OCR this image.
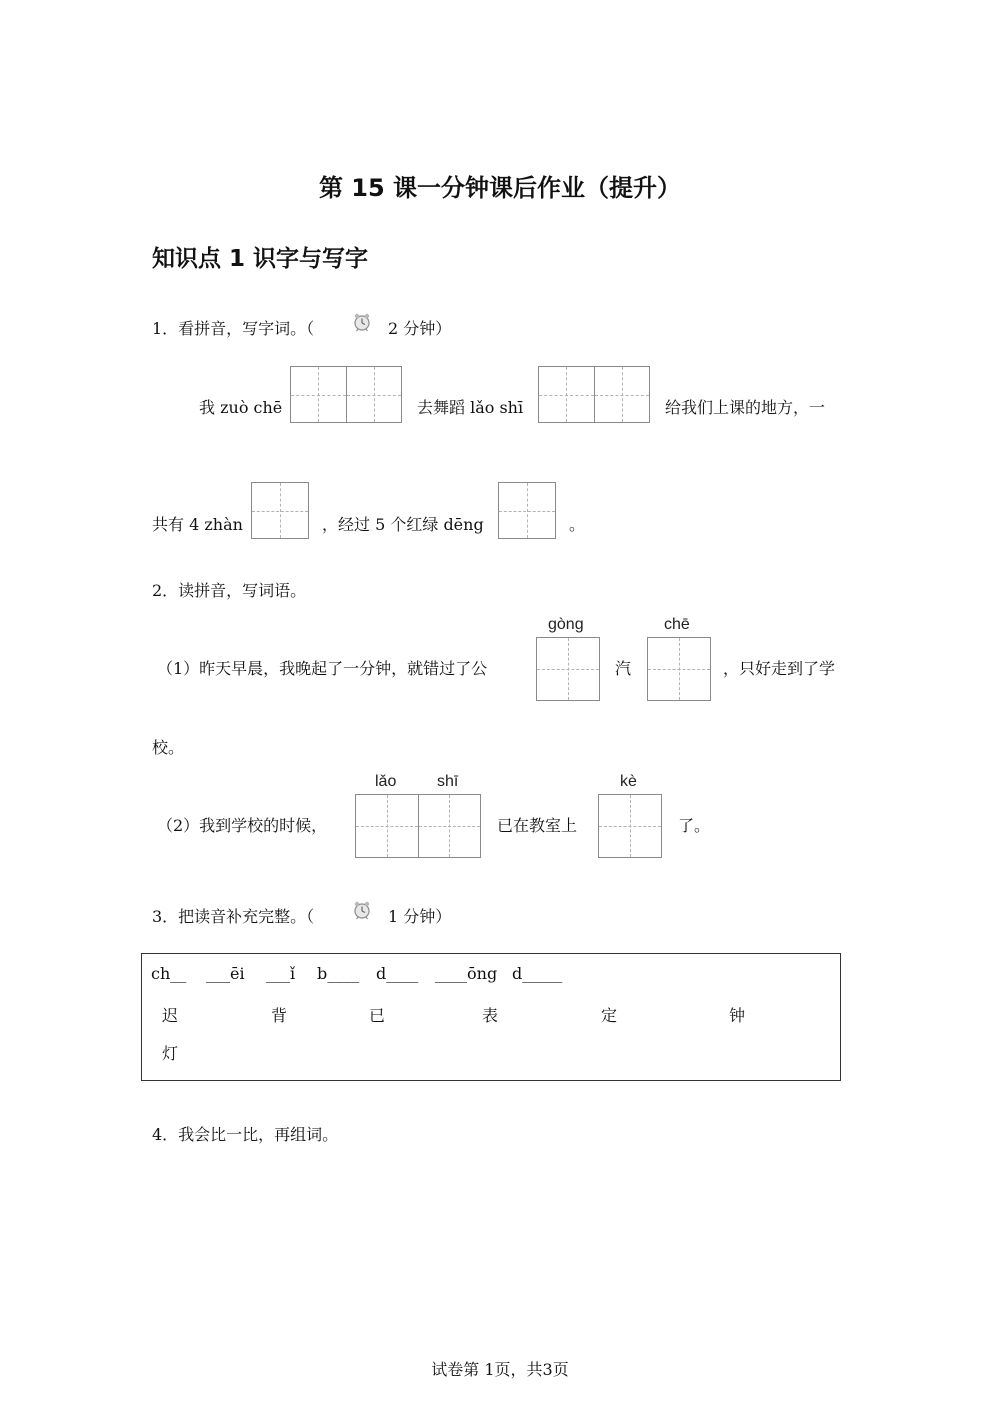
第 15 课一分钟课后作业（提升）
知识点 1 识字与写字
1．看拼音，写字词。（	2 分钟）
我 zuò chē	去舞蹈 lǎo shī	给我们上课的地方，一
共有 4 zhàn	，经过 5 个红绿 dēng	。
2．读拼音，写词语。
（1）昨天早晨，我晚起了一分钟，就错过了公
gòng
汽
chē
，只好走到了学
校。
（2）我到学校的时候，
lǎo	shī
已在教室上
kè
了。
3．把读音补充完整。（	1 分钟）
ch__ ___ēi ___ǐ b____ d____ ____ōng d_____
迟	背	已	表	定	钟
灯
4．我会比一比，再组词。
试卷第 1页，共3页
